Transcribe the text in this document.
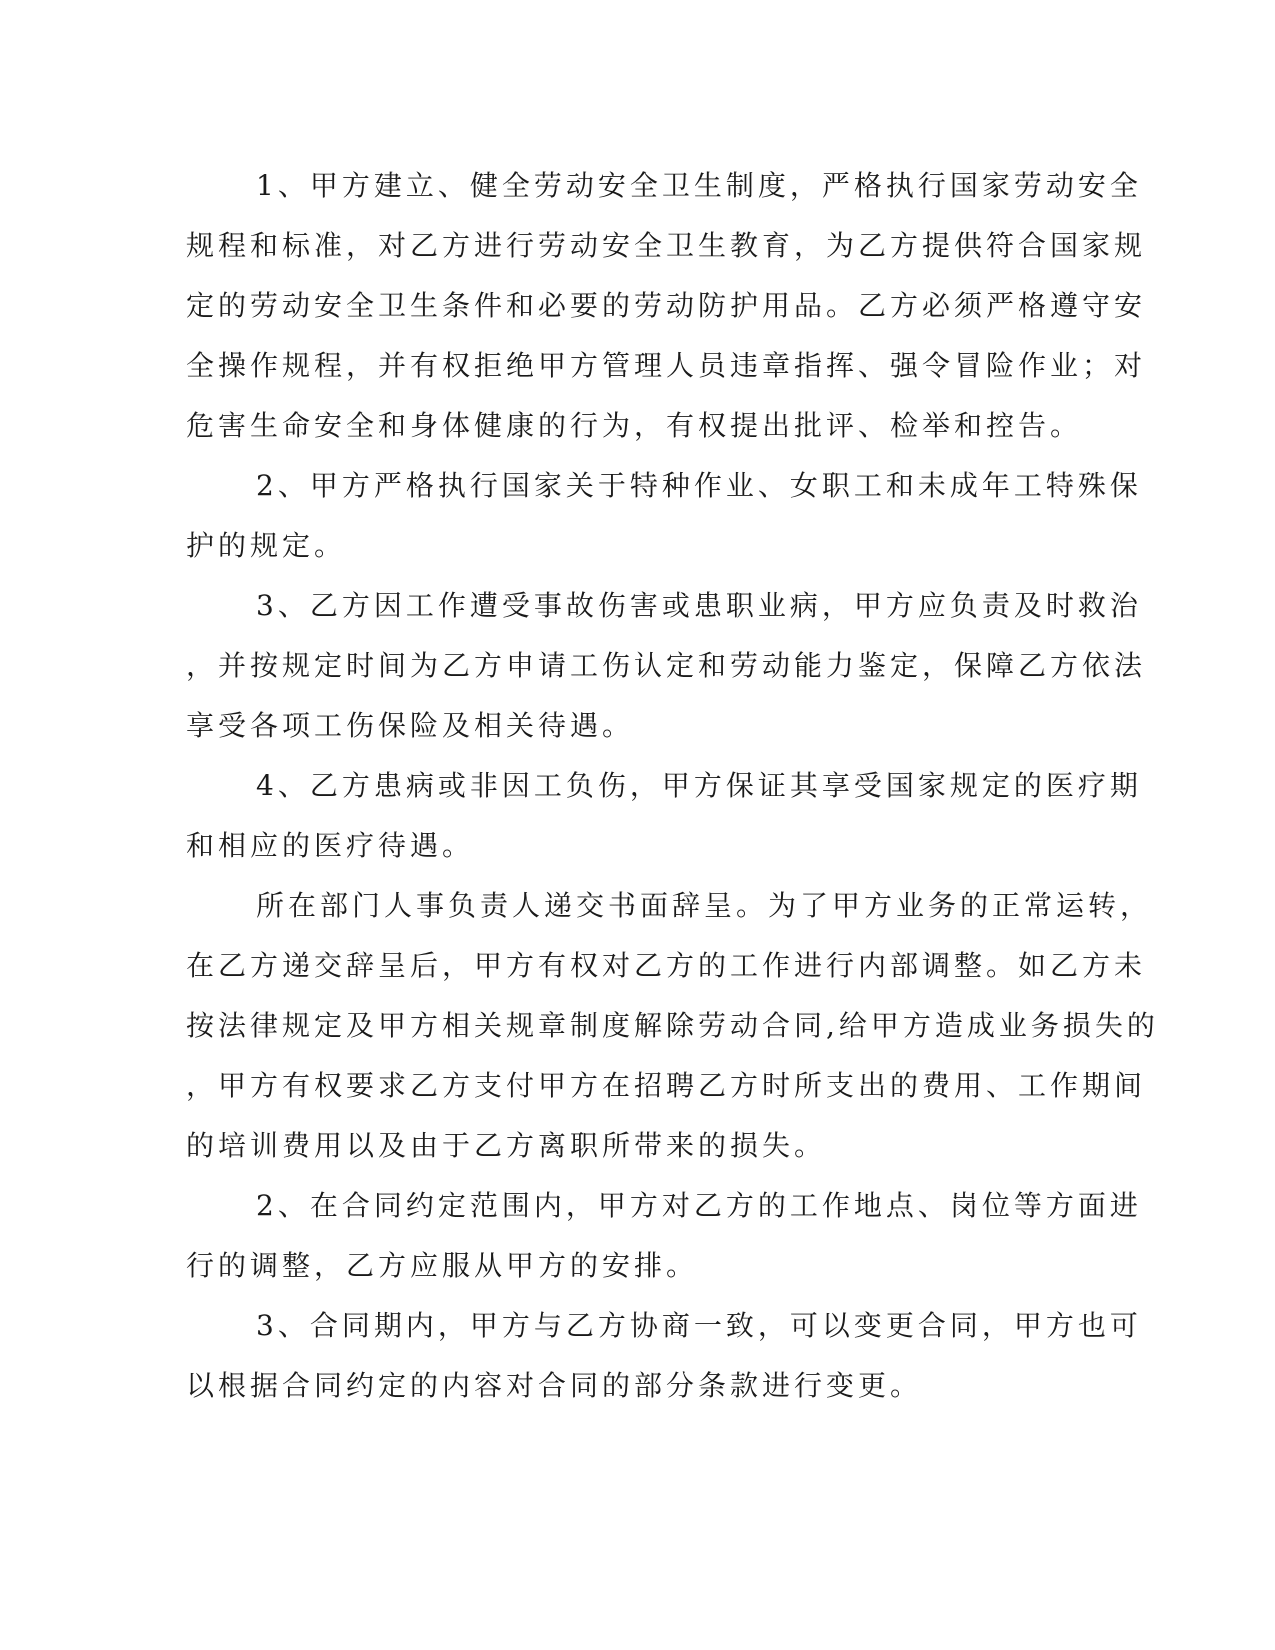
1、甲方建立、健全劳动安全卫生制度，严格执行国家劳动安全
规程和标准，对乙方进行劳动安全卫生教育，为乙方提供符合国家规
定的劳动安全卫生条件和必要的劳动防护用品。乙方必须严格遵守安
全操作规程，并有权拒绝甲方管理人员违章指挥、强令冒险作业；对
危害生命安全和身体健康的行为，有权提出批评、检举和控告。
2、甲方严格执行国家关于特种作业、女职工和未成年工特殊保
护的规定。
3、乙方因工作遭受事故伤害或患职业病，甲方应负责及时救治
，并按规定时间为乙方申请工伤认定和劳动能力鉴定，保障乙方依法
享受各项工伤保险及相关待遇。
4、乙方患病或非因工负伤，甲方保证其享受国家规定的医疗期
和相应的医疗待遇。
所在部门人事负责人递交书面辞呈。为了甲方业务的正常运转，
在乙方递交辞呈后，甲方有权对乙方的工作进行内部调整。如乙方未
按法律规定及甲方相关规章制度解除劳动合同,给甲方造成业务损失的
，甲方有权要求乙方支付甲方在招聘乙方时所支出的费用、工作期间
的培训费用以及由于乙方离职所带来的损失。
2、在合同约定范围内，甲方对乙方的工作地点、岗位等方面进
行的调整，乙方应服从甲方的安排。
3、合同期内，甲方与乙方协商一致，可以变更合同，甲方也可
以根据合同约定的内容对合同的部分条款进行变更。
